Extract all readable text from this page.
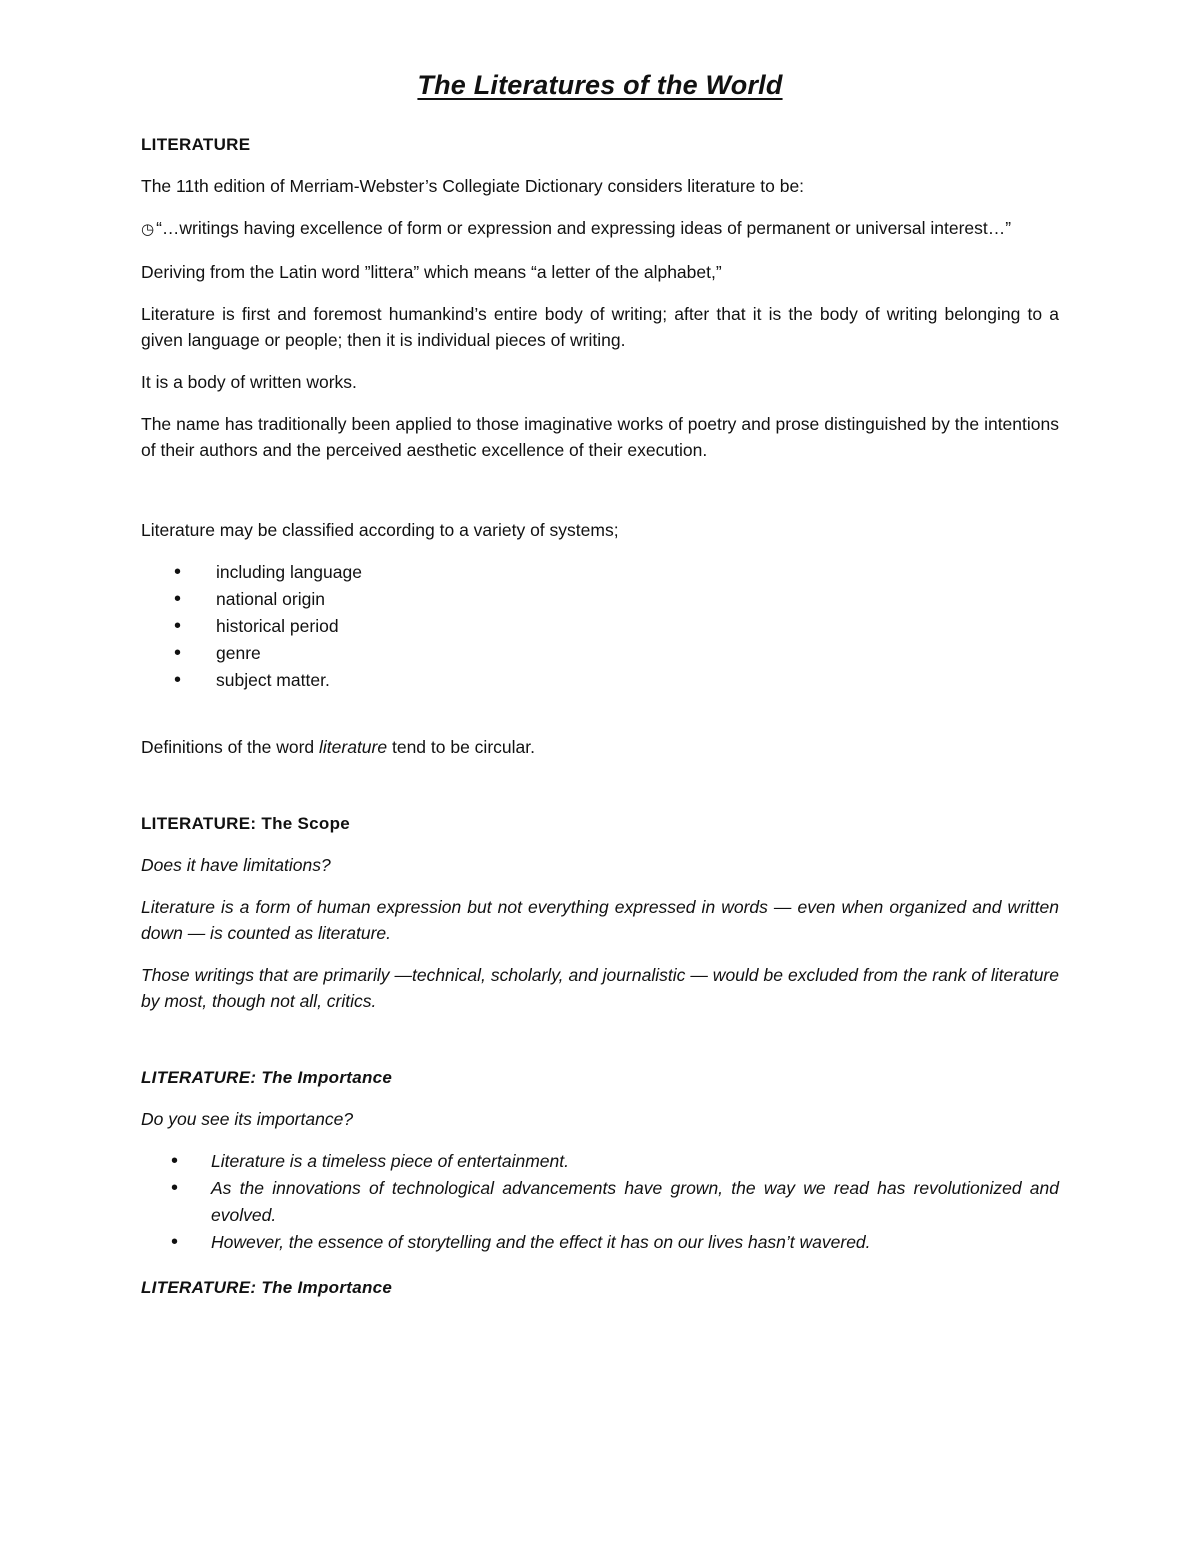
The Literatures of the World
LITERATURE
The 11th edition of Merriam-Webster’s Collegiate Dictionary considers literature to be:
◷ “…writings having excellence of form or expression and expressing ideas of permanent or universal interest…”
Deriving from the Latin word ”littera” which means “a letter of the alphabet,”
Literature is first and foremost humankind’s entire body of writing; after that it is the body of writing belonging to a given language or people; then it is individual pieces of writing.
It is a body of written works.
The name has traditionally been applied to those imaginative works of poetry and prose distinguished by the intentions of their authors and the perceived aesthetic excellence of their execution.
Literature may be classified according to a variety of systems;
•
including language
•
national origin
•
historical period
•
genre
•
subject matter.
Definitions of the word literature tend to be circular.
LITERATURE: The Scope
Does it have limitations?
Literature is a form of human expression but not everything expressed in words — even when organized and written down — is counted as literature.
Those writings that are primarily —technical, scholarly, and journalistic — would be excluded from the rank of literature by most, though not all, critics.
LITERATURE: The Importance
Do you see its importance?
•
Literature is a timeless piece of entertainment.
•
As the innovations of technological advancements have grown, the way we read has revolutionized and evolved.
•
However, the essence of storytelling and the effect it has on our lives hasn’t wavered.
LITERATURE: The Importance
